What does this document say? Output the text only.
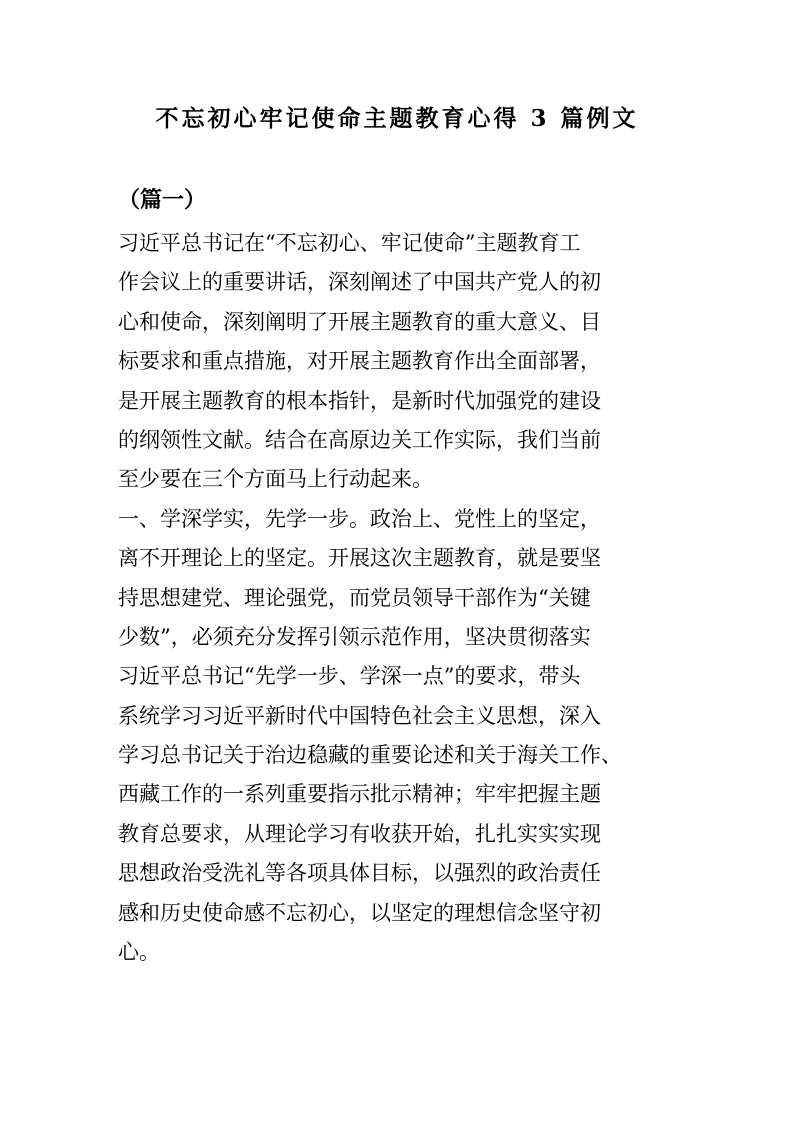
不忘初心牢记使命主题教育心得 3 篇例文
（篇一）

习近平总书记在“不忘初心、牢记使命”主题教育工

作会议上的重要讲话，深刻阐述了中国共产党人的初

心和使命，深刻阐明了开展主题教育的重大意义、目

标要求和重点措施，对开展主题教育作出全面部署，

是开展主题教育的根本指针，是新时代加强党的建设

的纲领性文献。结合在高原边关工作实际，我们当前

至少要在三个方面马上行动起来。

一、学深学实，先学一步。政治上、党性上的坚定，

离不开理论上的坚定。开展这次主题教育，就是要坚

持思想建党、理论强党，而党员领导干部作为“关键

少数”，必须充分发挥引领示范作用，坚决贯彻落实

习近平总书记“先学一步、学深一点”的要求，带头

系统学习习近平新时代中国特色社会主义思想，深入

学习总书记关于治边稳藏的重要论述和关于海关工作、

西藏工作的一系列重要指示批示精神；牢牢把握主题

教育总要求，从理论学习有收获开始，扎扎实实实现

思想政治受洗礼等各项具体目标，以强烈的政治责任

感和历史使命感不忘初心，以坚定的理想信念坚守初

心。
